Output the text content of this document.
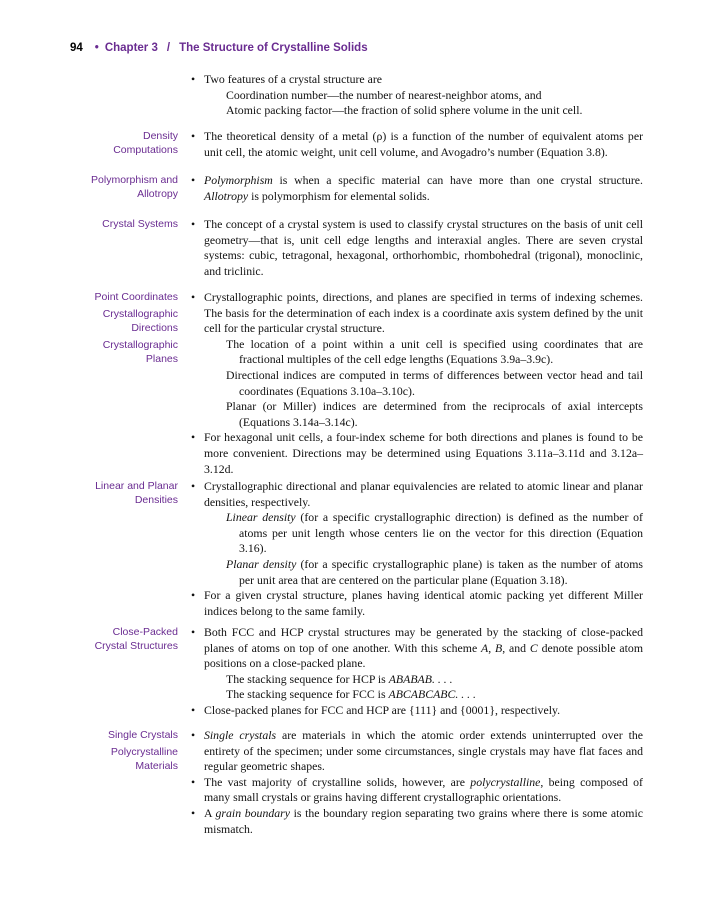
94 • Chapter 3 / The Structure of Crystalline Solids
• Two features of a crystal structure are
Coordination number—the number of nearest-neighbor atoms, and
Atomic packing factor—the fraction of solid sphere volume in the unit cell.
Density
Computations
• The theoretical density of a metal (ρ) is a function of the number of equivalent atoms per unit cell, the atomic weight, unit cell volume, and Avogadro’s number (Equation 3.8).
Polymorphism and
Allotropy
• Polymorphism is when a specific material can have more than one crystal structure. Allotropy is polymorphism for elemental solids.
Crystal Systems
•	The concept of a crystal system is used to classify crystal structures on the basis of unit cell geometry—that is, unit cell edge lengths and interaxial angles. There are seven crystal systems: cubic, tetragonal, hexagonal, orthorhombic, rhombohedral (trigonal), monoclinic, and triclinic.
Point Coordinates
Crystallographic Directions
Crystallographic Planes
• Crystallographic points, directions, and planes are specified in terms of indexing schemes. The basis for the determination of each index is a coordinate axis system defined by the unit cell for the particular crystal structure.
The location of a point within a unit cell is specified using coordinates that are fractional multiples of the cell edge lengths (Equations 3.9a–3.9c).
Directional indices are computed in terms of differences between vector head and tail coordinates (Equations 3.10a–3.10c).
Planar (or Miller) indices are determined from the reciprocals of axial intercepts (Equations 3.14a–3.14c).
• For hexagonal unit cells, a four-index scheme for both directions and planes is found to be more convenient. Directions may be determined using Equations 3.11a–3.11d and 3.12a–3.12d.
Linear and Planar
Densities
• Crystallographic directional and planar equivalencies are related to atomic linear and planar densities, respectively.
Linear density (for a specific crystallographic direction) is defined as the number of atoms per unit length whose centers lie on the vector for this direction (Equation 3.16).
Planar density (for a specific crystallographic plane) is taken as the number of atoms per unit area that are centered on the particular plane (Equation 3.18).
• For a given crystal structure, planes having identical atomic packing yet different Miller indices belong to the same family.
Close-Packed
Crystal Structures
• Both FCC and HCP crystal structures may be generated by the stacking of close-packed planes of atoms on top of one another. With this scheme A, B, and C denote possible atom positions on a close-packed plane.
The stacking sequence for HCP is ABABAB. . . .
The stacking sequence for FCC is ABCABCABC. . . .
• Close-packed planes for FCC and HCP are {111} and {0001}, respectively.
Single Crystals
Polycrystalline Materials
• Single crystals are materials in which the atomic order extends uninterrupted over the entirety of the specimen; under some circumstances, single crystals may have flat faces and regular geometric shapes.
• The vast majority of crystalline solids, however, are polycrystalline, being composed of many small crystals or grains having different crystallographic orientations.
• A grain boundary is the boundary region separating two grains where there is some atomic mismatch.
